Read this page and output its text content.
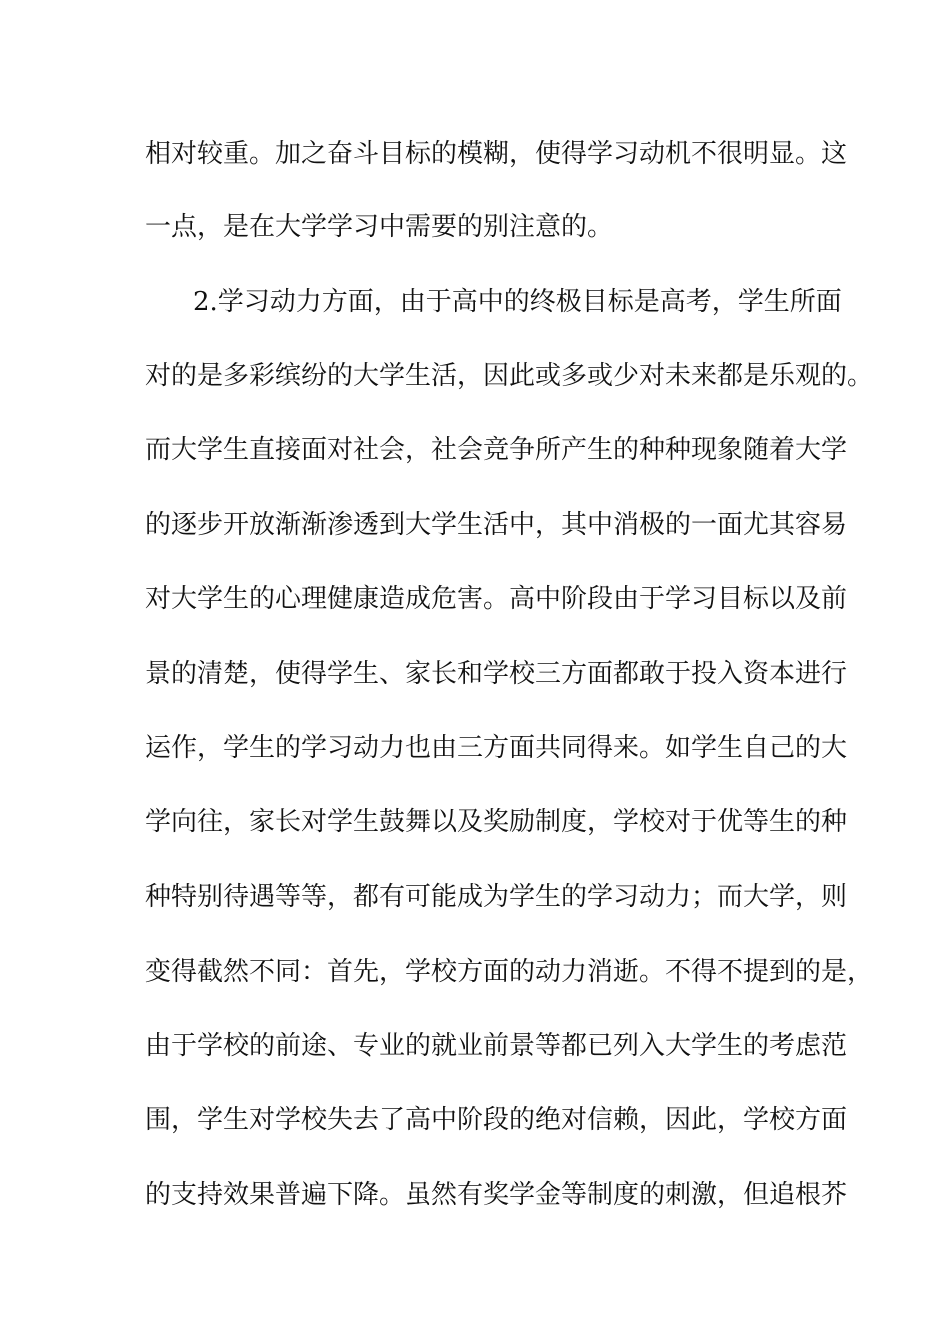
相对较重。加之奋斗目标的模糊，使得学习动机不很明显。这
一点，是在大学学习中需要的别注意的。
2.学习动力方面，由于高中的终极目标是高考，学生所面
对的是多彩缤纷的大学生活，因此或多或少对未来都是乐观的。
而大学生直接面对社会，社会竞争所产生的种种现象随着大学
的逐步开放渐渐渗透到大学生活中，其中消极的一面尤其容易
对大学生的心理健康造成危害。高中阶段由于学习目标以及前
景的清楚，使得学生、家长和学校三方面都敢于投入资本进行
运作，学生的学习动力也由三方面共同得来。如学生自己的大
学向往，家长对学生鼓舞以及奖励制度，学校对于优等生的种
种特别待遇等等，都有可能成为学生的学习动力；而大学，则
变得截然不同：首先，学校方面的动力消逝。不得不提到的是，
由于学校的前途、专业的就业前景等都已列入大学生的考虑范
围，学生对学校失去了高中阶段的绝对信赖，因此，学校方面
的支持效果普遍下降。虽然有奖学金等制度的刺激，但追根芥
